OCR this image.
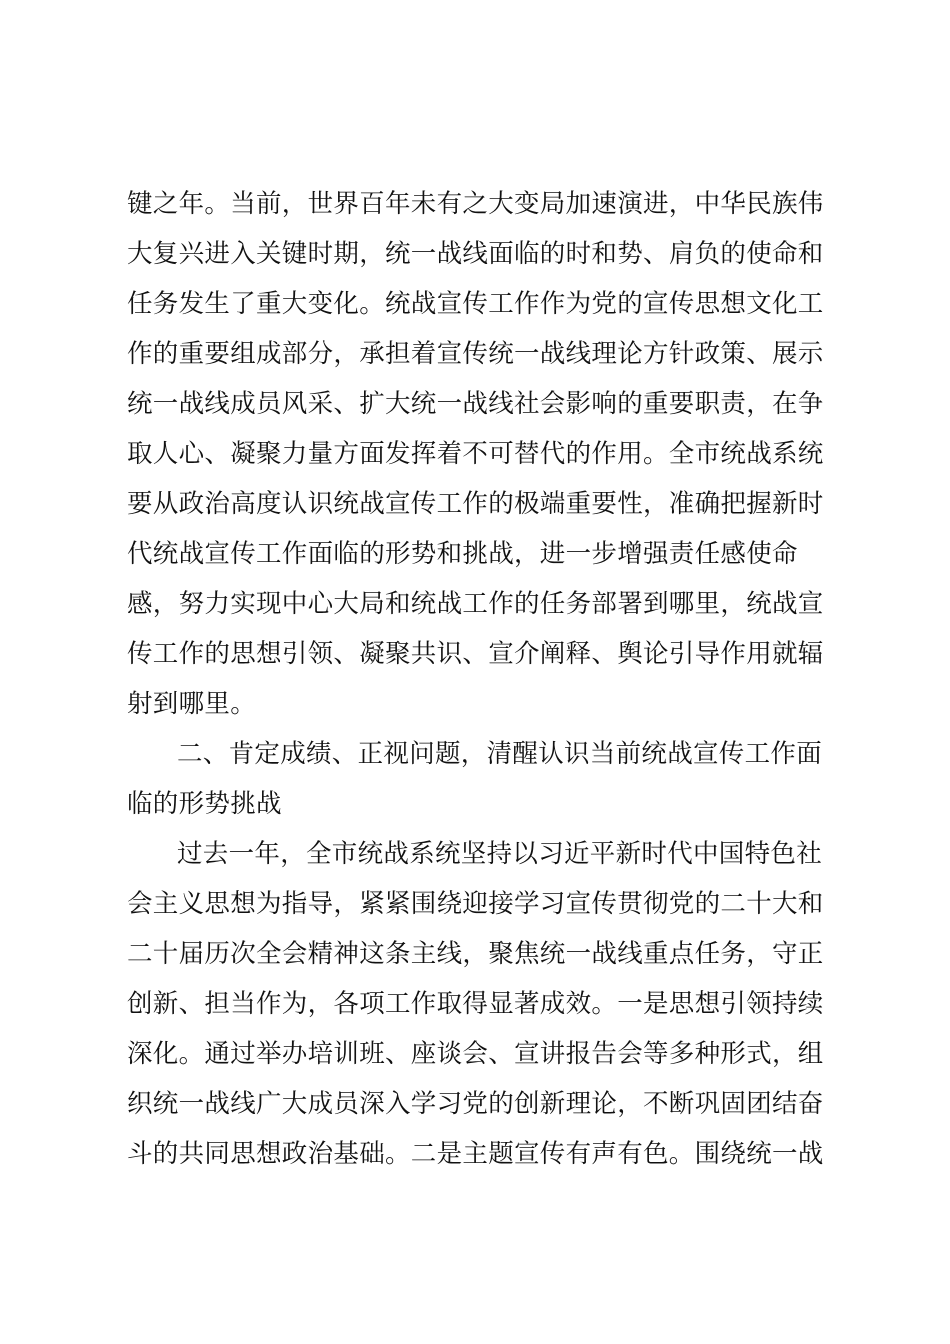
键之年。当前，世界百年未有之大变局加速演进，中华民族伟
大复兴进入关键时期，统一战线面临的时和势、肩负的使命和
任务发生了重大变化。统战宣传工作作为党的宣传思想文化工
作的重要组成部分，承担着宣传统一战线理论方针政策、展示
统一战线成员风采、扩大统一战线社会影响的重要职责，在争
取人心、凝聚力量方面发挥着不可替代的作用。全市统战系统
要从政治高度认识统战宣传工作的极端重要性，准确把握新时
代统战宣传工作面临的形势和挑战，进一步增强责任感使命
感，努力实现中心大局和统战工作的任务部署到哪里，统战宣
传工作的思想引领、凝聚共识、宣介阐释、舆论引导作用就辐
射到哪里。
二、肯定成绩、正视问题，清醒认识当前统战宣传工作面
临的形势挑战
过去一年，全市统战系统坚持以习近平新时代中国特色社
会主义思想为指导，紧紧围绕迎接学习宣传贯彻党的二十大和
二十届历次全会精神这条主线，聚焦统一战线重点任务，守正
创新、担当作为，各项工作取得显著成效。一是思想引领持续
深化。通过举办培训班、座谈会、宣讲报告会等多种形式，组
织统一战线广大成员深入学习党的创新理论，不断巩固团结奋
斗的共同思想政治基础。二是主题宣传有声有色。围绕统一战
